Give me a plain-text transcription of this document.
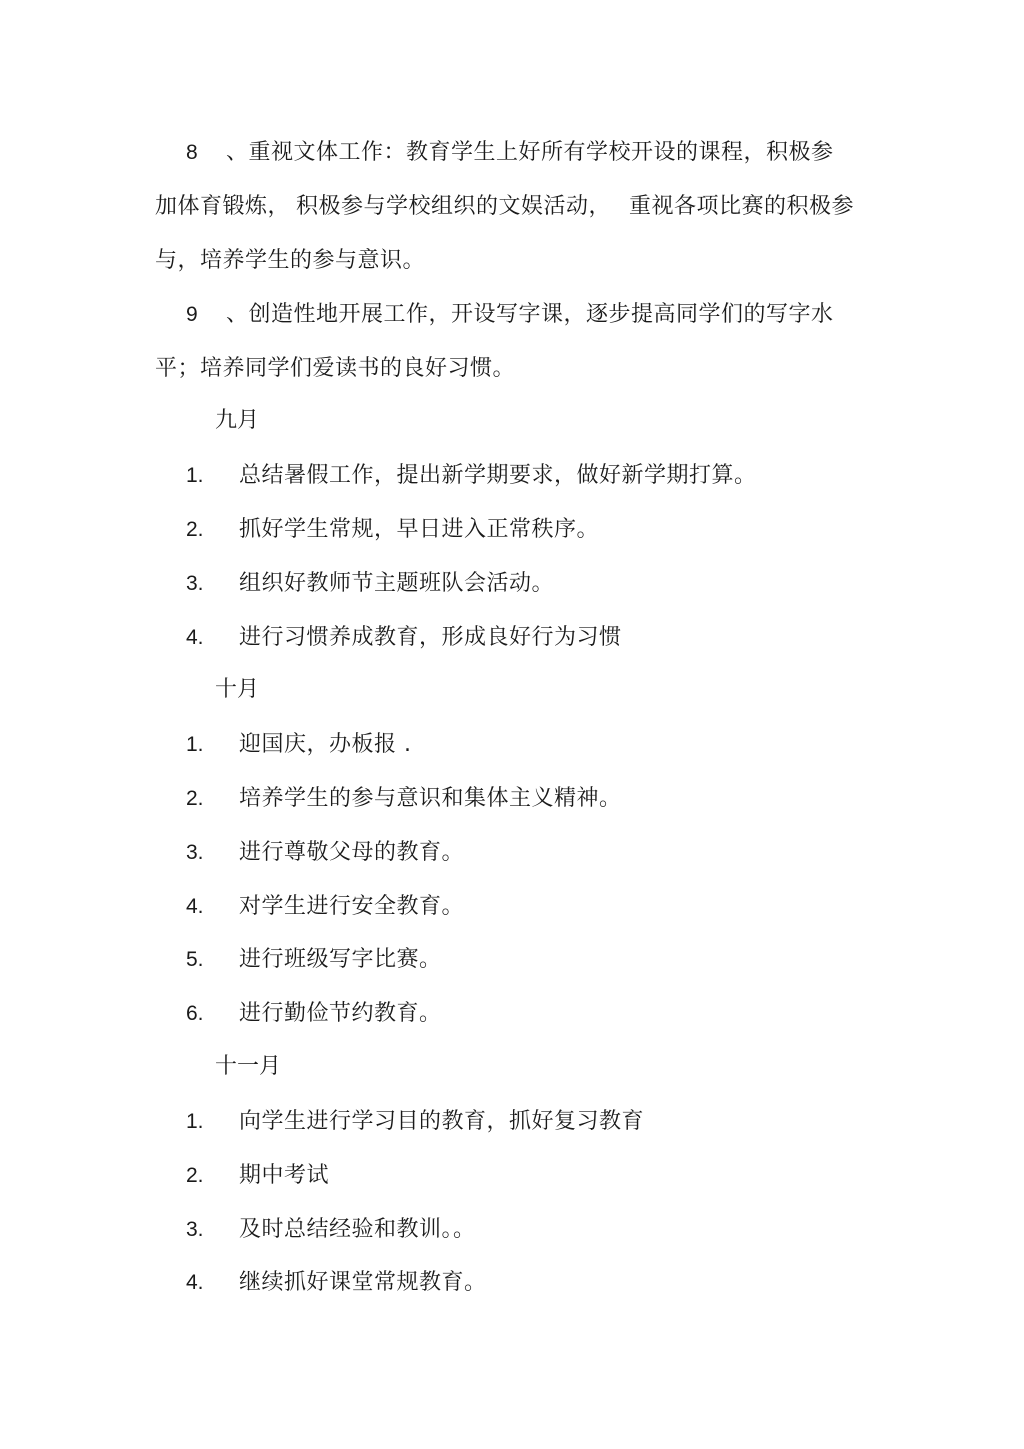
8 、重视文体工作：教育学生上好所有学校开设的课程，积极参
加体育锻炼， 积极参与学校组织的文娱活动， 重视各项比赛的积极参
与，培养学生的参与意识。
9 、创造性地开展工作，开设写字课，逐步提高同学们的写字水
平；培养同学们爱读书的良好习惯。
九月
1. 总结暑假工作，提出新学期要求，做好新学期打算。
2. 抓好学生常规，早日进入正常秩序。
3. 组织好教师节主题班队会活动。
4. 进行习惯养成教育，形成良好行为习惯
十月
1. 迎国庆，办板报 .
2. 培养学生的参与意识和集体主义精神。
3. 进行尊敬父母的教育。
4. 对学生进行安全教育。
5. 进行班级写字比赛。
6. 进行勤俭节约教育。
十一月
1. 向学生进行学习目的教育，抓好复习教育
2. 期中考试
3. 及时总结经验和教训。。
4. 继续抓好课堂常规教育。
